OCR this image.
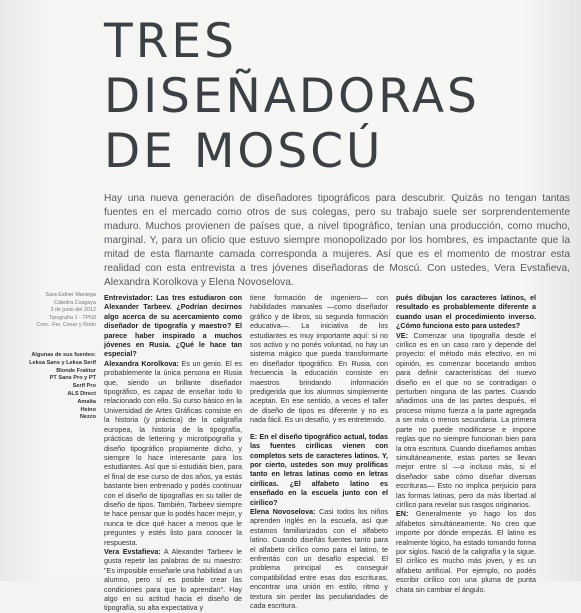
TRES
DISEÑADORAS
DE MOSCÚ

Hay una nueva generación de diseñadores tipográficos para descubrir. Quizás no tengan tantas fuentes en el mercado como otros de sus colegas, pero su trabajo suele ser sorprendentemente maduro. Muchos provienen de países que, a nivel tipográfico, tenían una producción, como mucho, marginal. Y, para un oficio que estuvo siempre monopolizado por los hombres, es impactante que la mitad de esta flamante camada corresponda a mujeres. Así que es el momento de mostrar esta realidad con esta entrevista a tres jóvenes diseñadoras de Moscú. Con ustedes, Vera Evstafieva, Alexandra Korolkova y Elena Novoselova.

Sara Esther Maniega
Cátedra Cosgaya
3 de junio del 2012
Tipografía 1 - TPN3
Com.: Fer, Cesar y Rodo
Algunas de sus fuentes:
Leksa Sans y Leksa Serif
Blonde Fraktur
PT Sans Pro y PT
Serif Pro
ALS Direct
Amalta
Heino
Nezzo

Entrevistador: Las tres estudiaron con Alexander Tarbeev. ¿Podrían decirnos algo acerca de su acercamiento como diseñador de tipografía y maestro? El parece haber inspirado a muchos jóvenes en Rusia. ¿Qué le hace tan especial?

Alexandra Korolkova: Es un genio. El es probablemente la única persona en Rusia que, siendo un brillante diseñador tipográfico, es capaz de enseñar todo lo relacionado con ello. Su curso básico en la Universidad de Artes Gráficas consiste en la historia (y práctica) de la caligrafía europea, la historia de la tipografía, prácticas de lettering y microtipografía y diseño tipográfico propiamente dicho, y siempre lo hace interesante para los estudiantes. Así que si estudiáis bien, para el final de ese curso de dos años, ya estás bastante bien entrenado y podés continuar con el diseño de tipografías en su taller de diseño de tipos. También, Tarbeev siempre te hace pensar que lo podés hacer mejor, y nunca te dice qué hacer a menos que le preguntes y estés listo para conocer la respuesta.

Vera Evstafieva: A Alexander Tarbeev le gusta repetir las palabras de su maestro: "Es imposible enseñarle una habilidad a un alumno, pero sí es posible crear las condiciones para que lo aprendan". Hay algo en su actitud hacia el diseño de tipografía, su alta expectativa y

tiene formación de ingeniero— con habilidades manuales —como diseñador gráfico y de libros, su segunda formación educativa—. La iniciativa de los estudiantes es muy importante aquí: si no sos activo y no ponés voluntad, no hay un sistema mágico que pueda transformarte en diseñador tipográfico. En Rusia, con frecuencia la educación consiste en maestros brindando información predigerida que los alumnos simplemente aceptan. En ese sentido, a veces el taller de diseño de tipos es diferente y no es nada fácil. Es un desafío, y es entretenido.

E: En el diseño tipográfico actual, todas las fuentes cirílicas vienen con completos sets de caracteres latinos. Y, por cierto, ustedes son muy prolíficas tanto en letras latinas como en letras cirílicas. ¿El alfabeto latino es enseñado en la escuela junto con el cirílico?

Elena Novoselova: Casi todos los niños aprenden inglés en la escuela, así que estamos familiarizados con el alfabeto latino. Cuando diseñás fuentes tanto para el alfabeto cirílico como para el latino, te enfrentás con un desafío especial. El problema principal es conseguir compatibilidad entre esas dos escrituras, encontrar una unión en estilo, ritmo y textura sin perder las peculiaridades de cada escritura.

pués dibujan los caracteres latinos, el resultado es probablemente diferente a cuando usan el procedimiento inverso. ¿Cómo funciona esto para ustedes?

VE: Comenzar una tipografía desde el cirílico es en un caso raro y depende del proyecto: el método más efectivo, en mi opinión, es comenzar bocetando ambos para definir características del nuevo diseño en el que no se contradigan o perturben ninguna de las partes. Cuando añadimos una de las partes después, el proceso mismo fuerza a la parte agregada a ser más o menos secundaria. La primera parte no puede modificarse e impone reglas que no siempre funcionan bien para la otra escritura. Cuando diseñamos ambas simultáneamente, estas partes se llevan mejor entre sí —o incluso más, si el diseñador sabe cómo diseñar diversas escrituras— Esto no implica perjuicio para las formas latinas, pero da más libertad al cirílico para revelar sus rasgos originarios.

EN: Generalmente yo hago los dos alfabetos simultáneamente. No creo que importe por dónde empezás. El latino es realmente lógico, ha estado tomando forma por siglos. Nació de la caligrafía y la sigue. El cirílico es mucho más joven, y es un alfabeto artificial. Por ejemplo, no podés escribir cirílico con una pluma de punta chata sin cambiar el ángulo.
